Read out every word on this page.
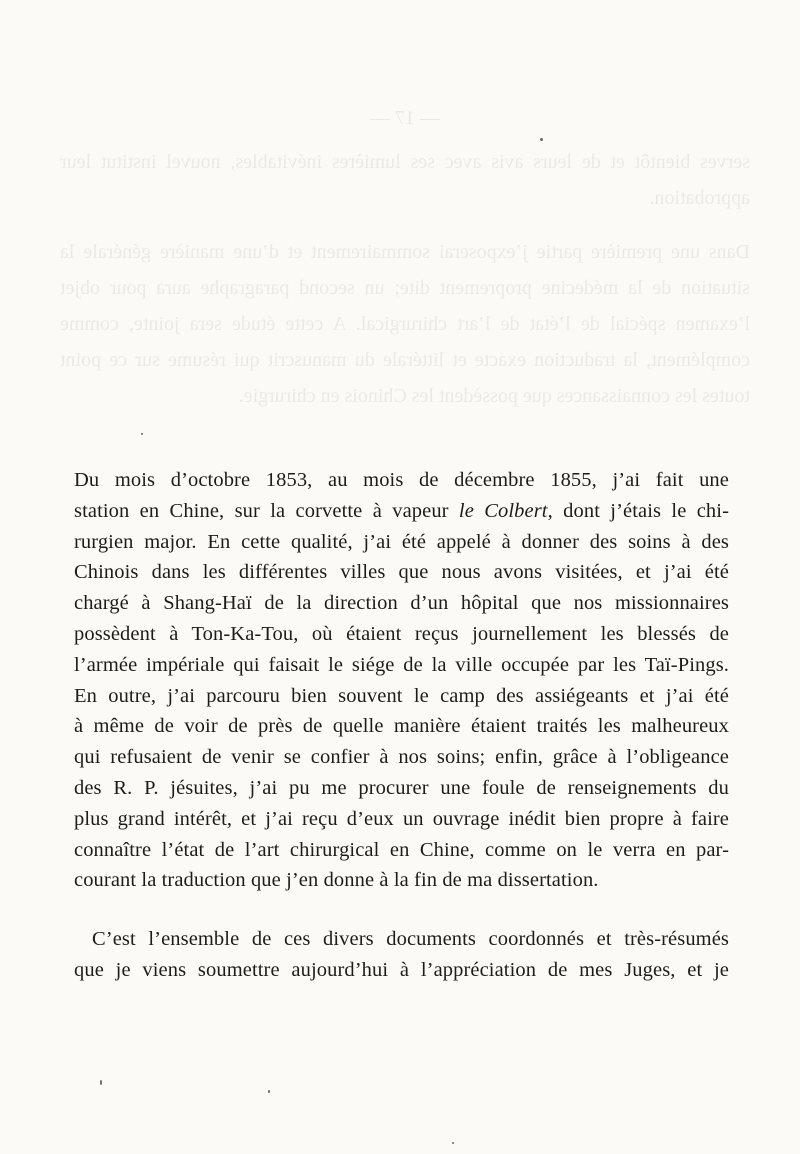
— 17 —

serves bientôt et de leurs avis avec ses lumières inévitables, nouvel institut leur approbation.

Dans une première partie j’exposerai sommairement et d’une manière générale la situation de la médecine proprement dite; un second paragraphe aura pour objet l’examen spécial de l’état de l’art chirurgical. A cette étude sera jointe, comme complément, la traduction exacte et littérale du manuscrit qui résume sur ce point toutes les connaissances que possèdent les Chinois en chirurgie.

Du mois d’octobre 1853, au mois de décembre 1855, j’ai fait une
station en Chine, sur la corvette à vapeur le Colbert, dont j’étais le chi-
rurgien major. En cette qualité, j’ai été appelé à donner des soins à des
Chinois dans les différentes villes que nous avons visitées, et j’ai été
chargé à Shang-Haï de la direction d’un hôpital que nos missionnaires
possèdent à Ton-Ka-Tou, où étaient reçus journellement les blessés de
l’armée impériale qui faisait le siége de la ville occupée par les Taï-Pings.
En outre, j’ai parcouru bien souvent le camp des assiégeants et j’ai été
à même de voir de près de quelle manière étaient traités les malheureux
qui refusaient de venir se confier à nos soins; enfin, grâce à l’obligeance
des R. P. jésuites, j’ai pu me procurer une foule de renseignements du
plus grand intérêt, et j’ai reçu d’eux un ouvrage inédit bien propre à faire
connaître l’état de l’art chirurgical en Chine, comme on le verra en par-
courant la traduction que j’en donne à la fin de ma dissertation.

C’est l’ensemble de ces divers documents coordonnés et très-résumés
que je viens soumettre aujourd’hui à l’appréciation de mes Juges, et je
